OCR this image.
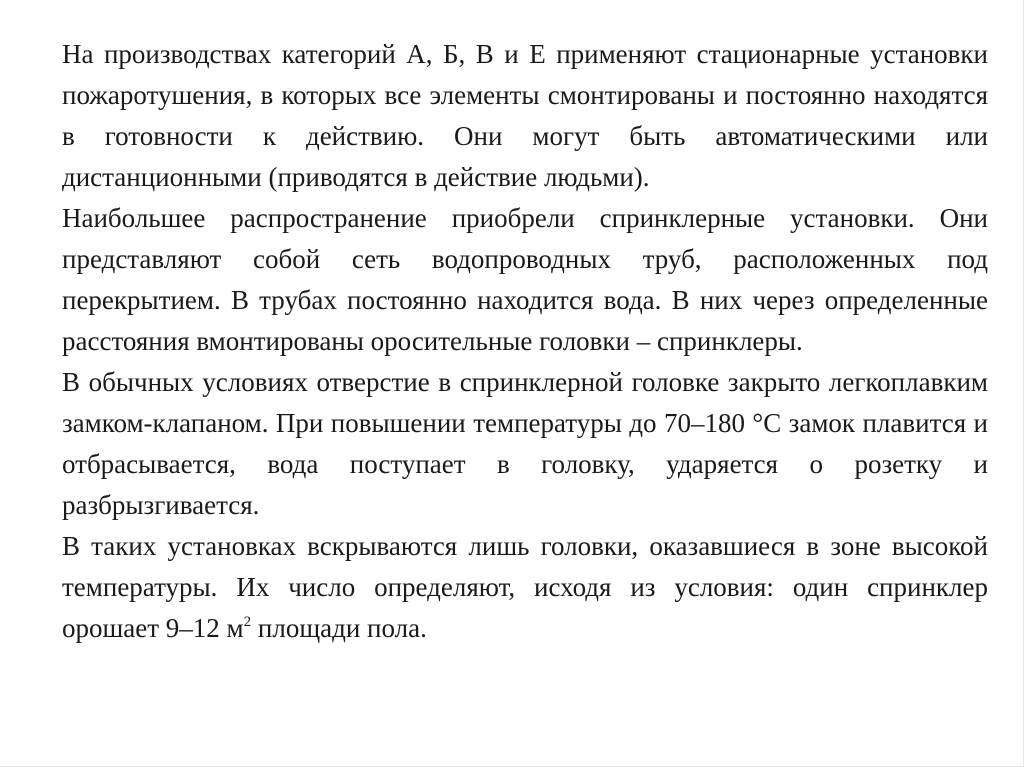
На производствах категорий А, Б, В и Е применяют стационарные установки пожаротушения, в которых все элементы смонтированы и постоянно находятся в готовности к действию. Они могут быть автоматическими или дистанционными (приводятся в действие людьми).

Наибольшее распространение приобрели спринклерные установки. Они представляют собой сеть водопроводных труб, расположенных под перекрытием. В трубах постоянно находится вода. В них через определенные расстояния вмонтированы оросительные головки – спринклеры.

В обычных условиях отверстие в спринклерной головке закрыто легкоплавким замком-клапаном. При повышении температуры до 70–180 °С замок плавится и отбрасывается, вода поступает в головку, ударяется о розетку и разбрызгивается.

В таких установках вскрываются лишь головки, оказавшиеся в зоне высокой температуры. Их число определяют, исходя из условия: один спринклер орошает 9–12 $м^2$ площади пола.
